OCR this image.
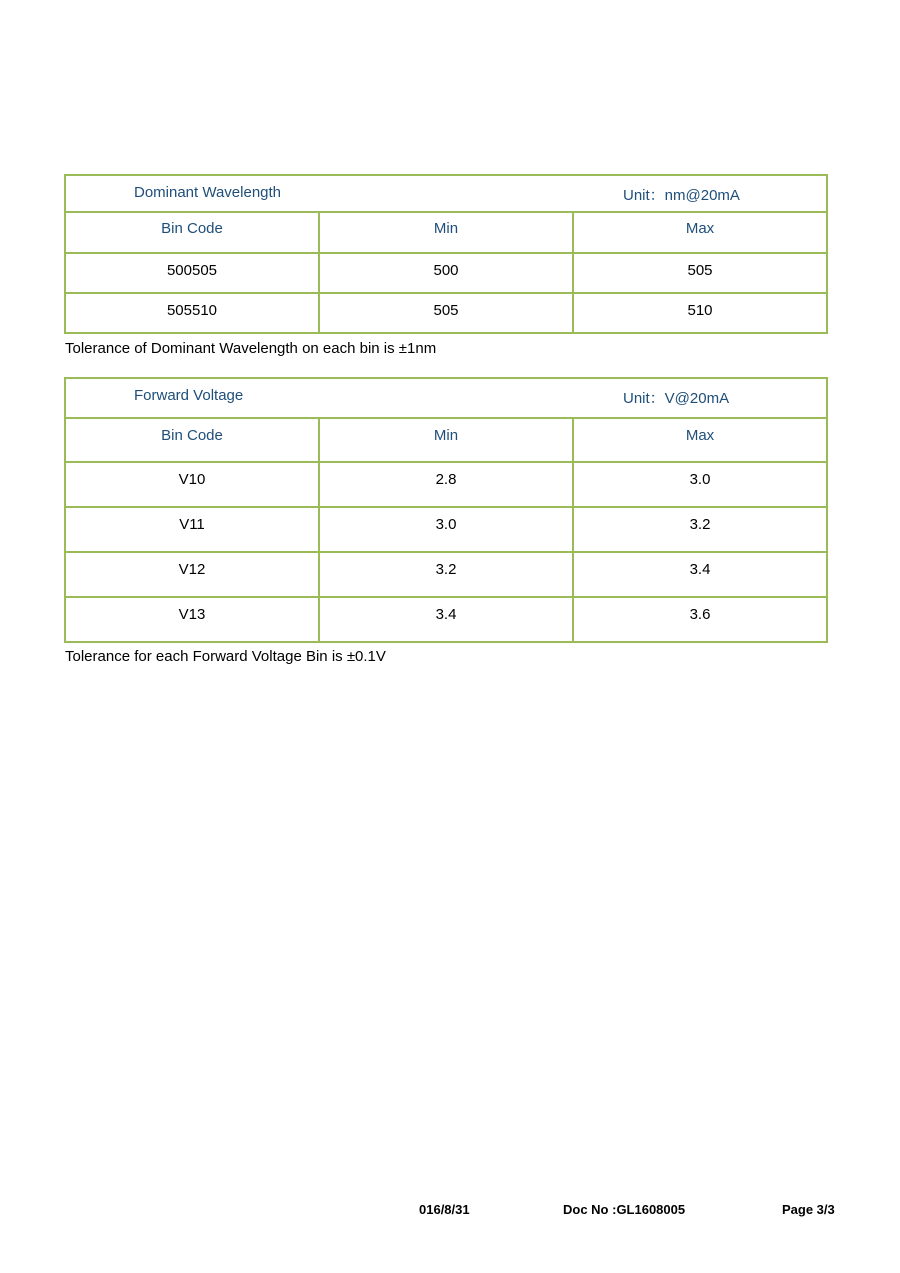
Dominant Wavelength Unit：nm@20mA		

Bin Code	Min	Max

500505	500	505

505510	505	510
Tolerance of Dominant Wavelength on each bin is ±1nm
Forward Voltage Unit：V@20mA		

Bin Code	Min	Max

V10	2.8	3.0

V11	3.0	3.2

V12	3.2	3.4

V13	3.4	3.6
Tolerance for each Forward Voltage Bin is ±0.1V
016/8/31	Doc No :GL1608005	Page 3/3
